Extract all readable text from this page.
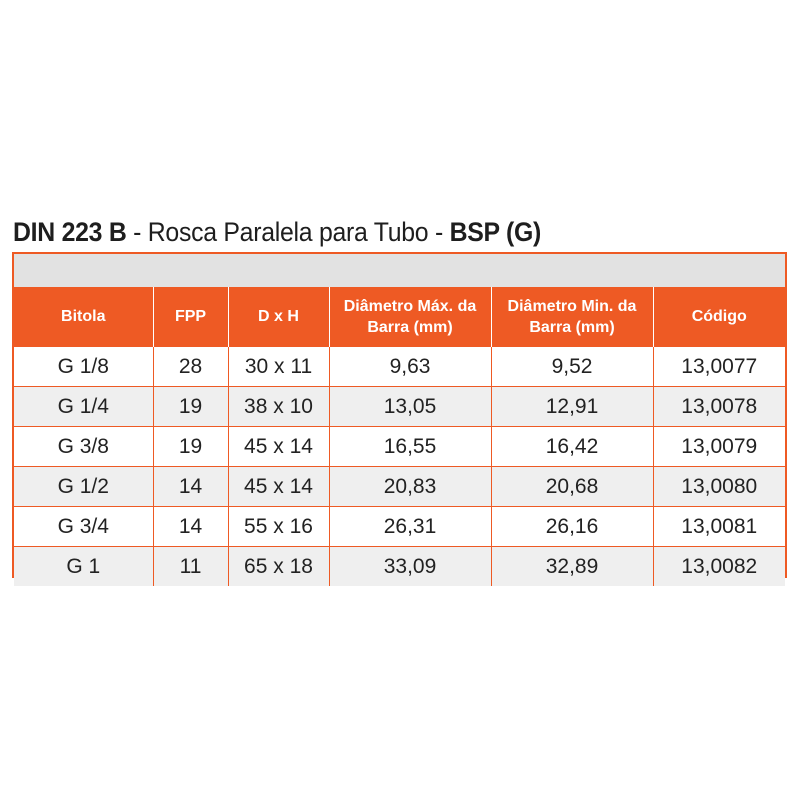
DIN 223 B - Rosca Paralela para Tubo - BSP (G)
Bitola	FPP	D x H	Diâmetro Máx. da Barra (mm)	Diâmetro Min. da Barra (mm)	Código
G 1/8	28	30 x 11	9,63	9,52	13,0077
G 1/4	19	38 x 10	13,05	12,91	13,0078
G 3/8	19	45 x 14	16,55	16,42	13,0079
G 1/2	14	45 x 14	20,83	20,68	13,0080
G 3/4	14	55 x 16	26,31	26,16	13,0081
G 1	11	65 x 18	33,09	32,89	13,0082
